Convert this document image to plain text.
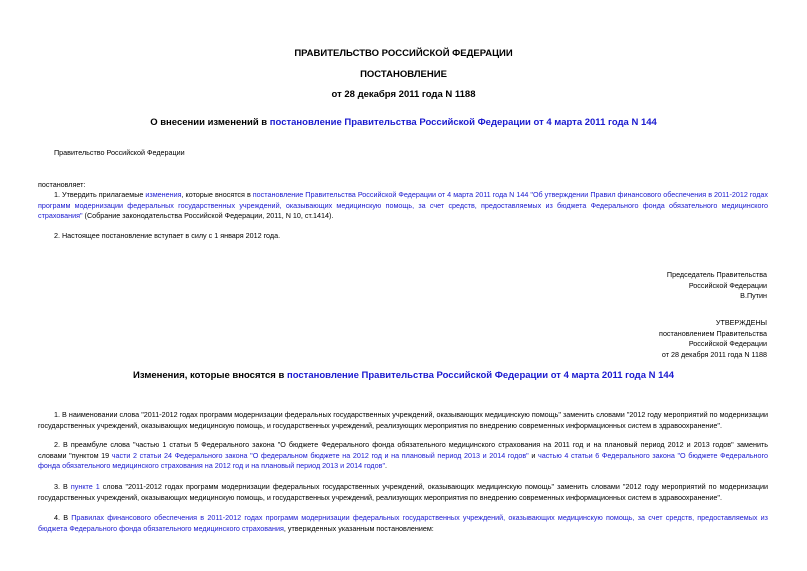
ПРАВИТЕЛЬСТВО РОССИЙСКОЙ ФЕДЕРАЦИИ
ПОСТАНОВЛЕНИЕ
от 28 декабря 2011 года N 1188
О внесении изменений в постановление Правительства Российской Федерации от 4 марта 2011 года N 144
Правительство Российской Федерации
постановляет:
1. Утвердить прилагаемые изменения, которые вносятся в постановление Правительства Российской Федерации от 4 марта 2011 года N 144 "Об утверждении Правил финансового обеспечения в 2011-2012 годах программ модернизации федеральных государственных учреждений, оказывающих медицинскую помощь, за счет средств, предоставляемых из бюджета Федерального фонда обязательного медицинского страхования" (Собрание законодательства Российской Федерации, 2011, N 10, ст.1414).
2. Настоящее постановление вступает в силу с 1 января 2012 года.
Председатель Правительства
Российской Федерации
В.Путин
УТВЕРЖДЕНЫ
постановлением Правительства
Российской Федерации
от 28 декабря 2011 года N 1188
Изменения, которые вносятся в постановление Правительства Российской Федерации от 4 марта 2011 года N 144
1. В наименовании слова "2011-2012 годах программ модернизации федеральных государственных учреждений, оказывающих медицинскую помощь" заменить словами "2012 году мероприятий по модернизации государственных учреждений, оказывающих медицинскую помощь, и государственных учреждений, реализующих мероприятия по внедрению современных информационных систем в здравоохранение".
2. В преамбуле слова "частью 1 статьи 5 Федерального закона "О бюджете Федерального фонда обязательного медицинского страхования на 2011 год и на плановый период 2012 и 2013 годов" заменить словами "пунктом 19 части 2 статьи 24 Федерального закона "О федеральном бюджете на 2012 год и на плановый период 2013 и 2014 годов" и частью 4 статьи 6 Федерального закона "О бюджете Федерального фонда обязательного медицинского страхования на 2012 год и на плановый период 2013 и 2014 годов".
3. В пункте 1 слова "2011-2012 годах программ модернизации федеральных государственных учреждений, оказывающих медицинскую помощь" заменить словами "2012 году мероприятий по модернизации государственных учреждений, оказывающих медицинскую помощь, и государственных учреждений, реализующих мероприятия по внедрению современных информационных систем в здравоохранение".
4. В Правилах финансового обеспечения в 2011-2012 годах программ модернизации федеральных государственных учреждений, оказывающих медицинскую помощь, за счет средств, предоставляемых из бюджета Федерального фонда обязательного медицинского страхования, утвержденных указанным постановлением:
